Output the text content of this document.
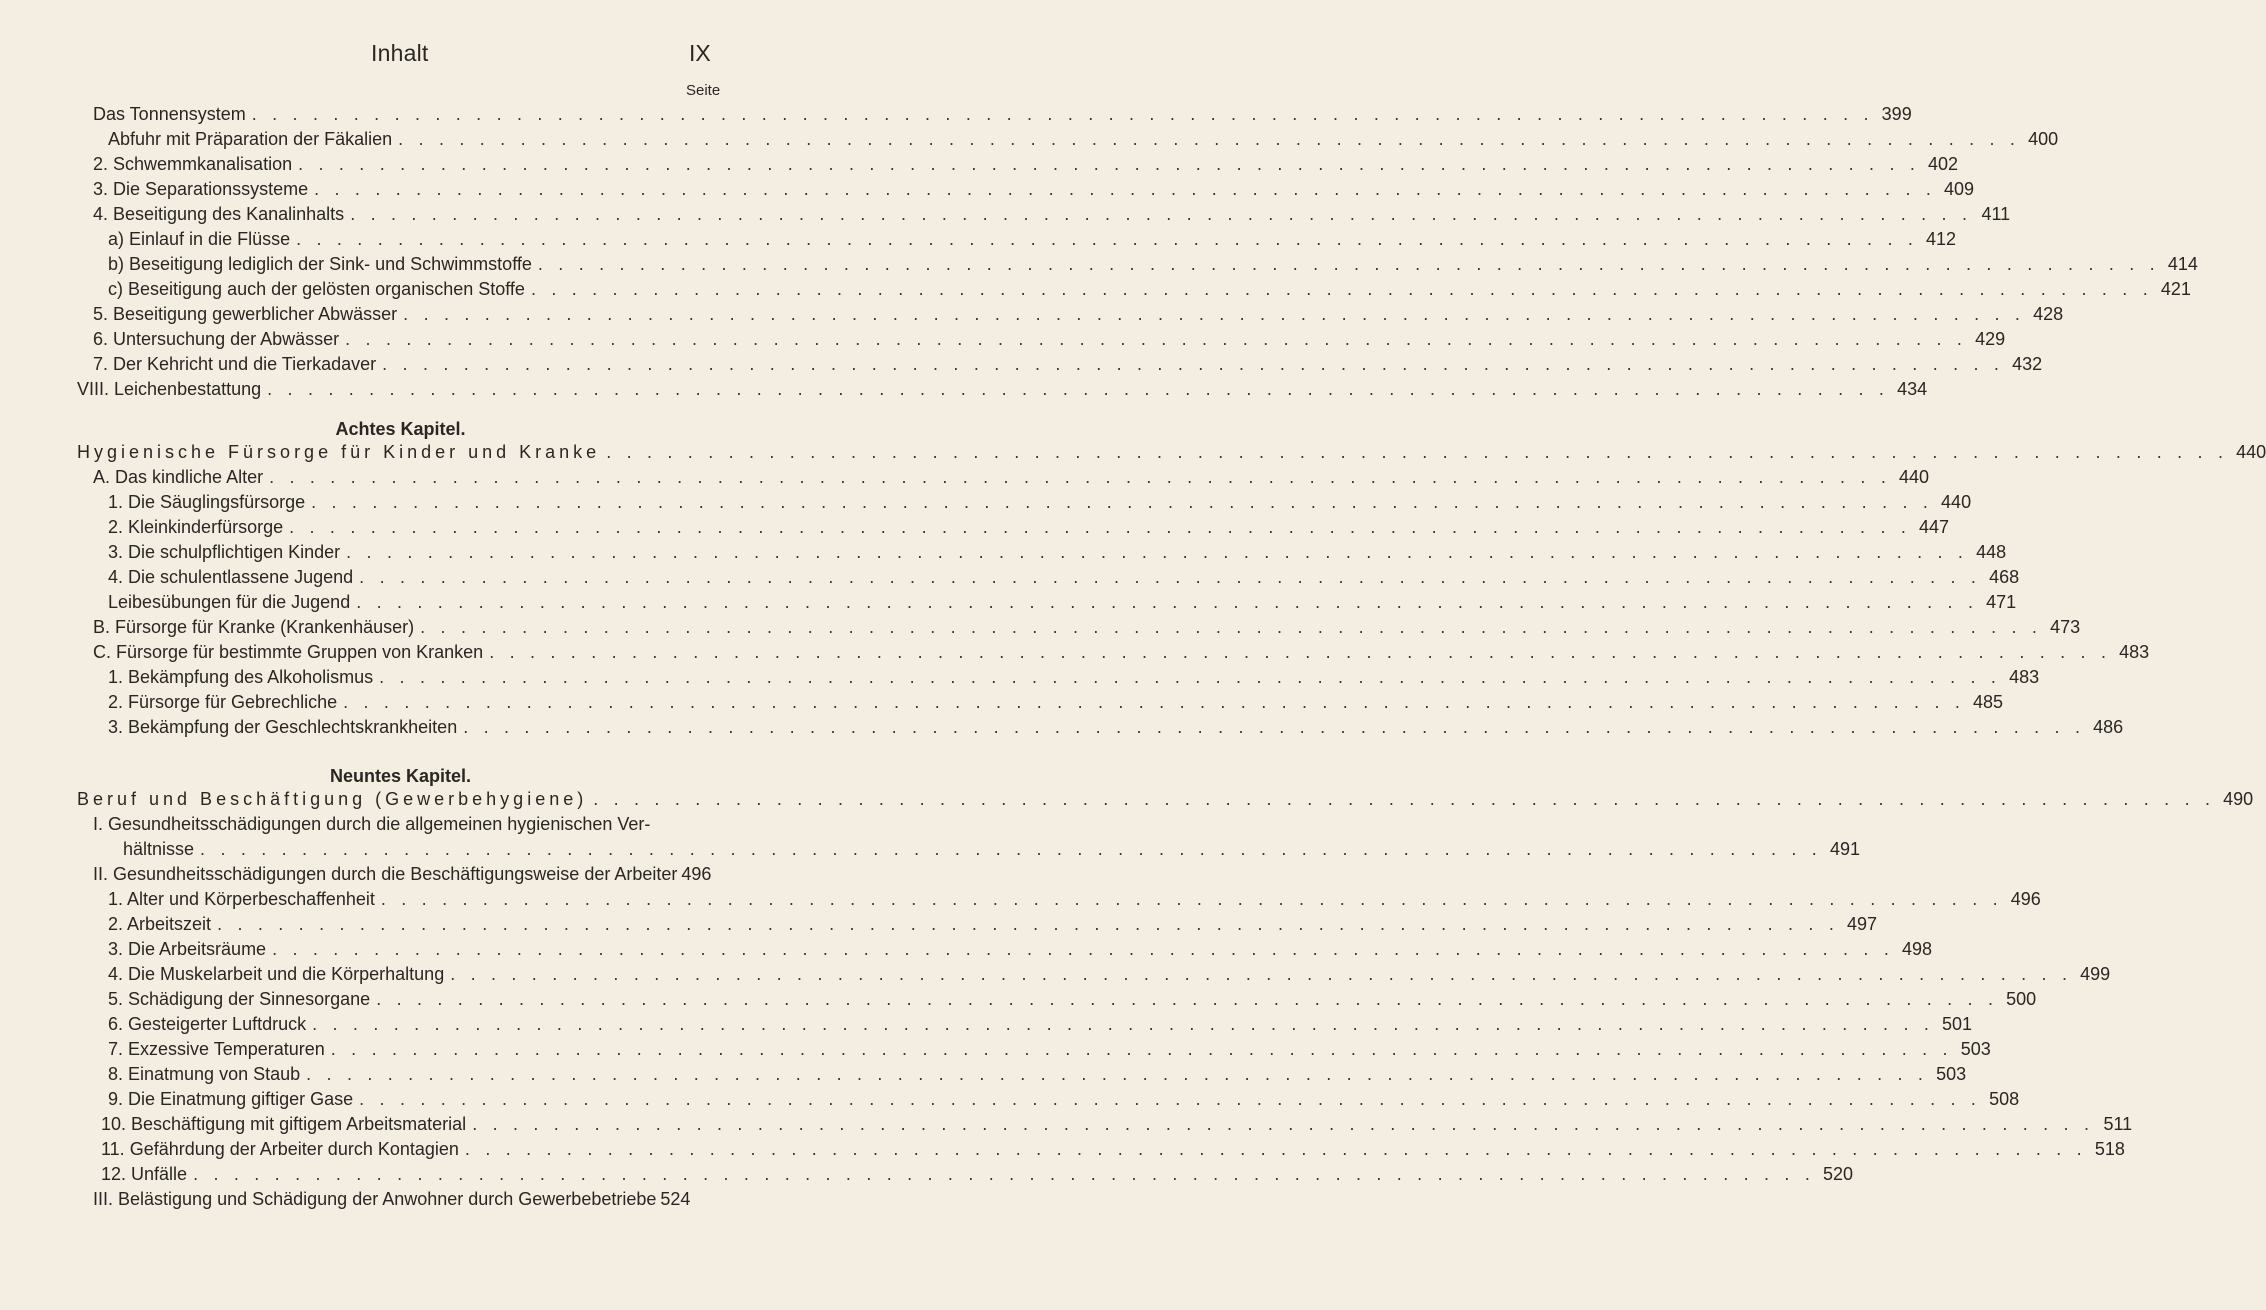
Inhalt	IX
Seite
Das Tonnensystem . . . . . . . . . . . . . . . . . . . . . . . . . . . . . . . . . . . . . . . . . . . . . . . . . . . . . . . . . . . . . . . . . . . . . . . . . . . . . . . . 399
Abfuhr mit Präparation der Fäkalien . . . . . . . . . . . . . . . . . . . . . . . . . . . . . . . . . . . . . . . . . . . . . . . . . . . . . . . . . . . . . . . . . . . . . . . . . . . . . . . . 400
2. Schwemmkanalisation . . . . . . . . . . . . . . . . . . . . . . . . . . . . . . . . . . . . . . . . . . . . . . . . . . . . . . . . . . . . . . . . . . . . . . . . . . . . . . . . 402
3. Die Separationssysteme . . . . . . . . . . . . . . . . . . . . . . . . . . . . . . . . . . . . . . . . . . . . . . . . . . . . . . . . . . . . . . . . . . . . . . . . . . . . . . . . 409
4. Beseitigung des Kanalinhalts . . . . . . . . . . . . . . . . . . . . . . . . . . . . . . . . . . . . . . . . . . . . . . . . . . . . . . . . . . . . . . . . . . . . . . . . . . . . . . . . 411
a) Einlauf in die Flüsse . . . . . . . . . . . . . . . . . . . . . . . . . . . . . . . . . . . . . . . . . . . . . . . . . . . . . . . . . . . . . . . . . . . . . . . . . . . . . . . . 412
b) Beseitigung lediglich der Sink- und Schwimmstoffe . . . . . . . . . . . . . . . . . . . . . . . . . . . . . . . . . . . . . . . . . . . . . . . . . . . . . . . . . . . . . . . . . . . . . . . . . . . . . . . . 414
c) Beseitigung auch der gelösten organischen Stoffe . . . . . . . . . . . . . . . . . . . . . . . . . . . . . . . . . . . . . . . . . . . . . . . . . . . . . . . . . . . . . . . . . . . . . . . . . . . . . . . . 421
5. Beseitigung gewerblicher Abwässer . . . . . . . . . . . . . . . . . . . . . . . . . . . . . . . . . . . . . . . . . . . . . . . . . . . . . . . . . . . . . . . . . . . . . . . . . . . . . . . . 428
6. Untersuchung der Abwässer . . . . . . . . . . . . . . . . . . . . . . . . . . . . . . . . . . . . . . . . . . . . . . . . . . . . . . . . . . . . . . . . . . . . . . . . . . . . . . . . 429
7. Der Kehricht und die Tierkadaver . . . . . . . . . . . . . . . . . . . . . . . . . . . . . . . . . . . . . . . . . . . . . . . . . . . . . . . . . . . . . . . . . . . . . . . . . . . . . . . . 432
VIII. Leichenbestattung . . . . . . . . . . . . . . . . . . . . . . . . . . . . . . . . . . . . . . . . . . . . . . . . . . . . . . . . . . . . . . . . . . . . . . . . . . . . . . . . 434
Achtes Kapitel.
Hygienische Fürsorge für Kinder und Kranke . . . . . . . . . . . . . . . . . . . . . . . . . . . . . . . . . . . . . . . . . . . . . . . . . . . . . . . . . . . . . . . . . . . . . . . . . . . . . . . . 440
A. Das kindliche Alter . . . . . . . . . . . . . . . . . . . . . . . . . . . . . . . . . . . . . . . . . . . . . . . . . . . . . . . . . . . . . . . . . . . . . . . . . . . . . . . . 440
1. Die Säuglingsfürsorge . . . . . . . . . . . . . . . . . . . . . . . . . . . . . . . . . . . . . . . . . . . . . . . . . . . . . . . . . . . . . . . . . . . . . . . . . . . . . . . . 440
2. Kleinkinderfürsorge . . . . . . . . . . . . . . . . . . . . . . . . . . . . . . . . . . . . . . . . . . . . . . . . . . . . . . . . . . . . . . . . . . . . . . . . . . . . . . . . 447
3. Die schulpflichtigen Kinder . . . . . . . . . . . . . . . . . . . . . . . . . . . . . . . . . . . . . . . . . . . . . . . . . . . . . . . . . . . . . . . . . . . . . . . . . . . . . . . . 448
4. Die schulentlassene Jugend . . . . . . . . . . . . . . . . . . . . . . . . . . . . . . . . . . . . . . . . . . . . . . . . . . . . . . . . . . . . . . . . . . . . . . . . . . . . . . . . 468
Leibesübungen für die Jugend . . . . . . . . . . . . . . . . . . . . . . . . . . . . . . . . . . . . . . . . . . . . . . . . . . . . . . . . . . . . . . . . . . . . . . . . . . . . . . . . 471
B. Fürsorge für Kranke (Krankenhäuser) . . . . . . . . . . . . . . . . . . . . . . . . . . . . . . . . . . . . . . . . . . . . . . . . . . . . . . . . . . . . . . . . . . . . . . . . . . . . . . . . 473
C. Fürsorge für bestimmte Gruppen von Kranken . . . . . . . . . . . . . . . . . . . . . . . . . . . . . . . . . . . . . . . . . . . . . . . . . . . . . . . . . . . . . . . . . . . . . . . . . . . . . . . . 483
1. Bekämpfung des Alkoholismus . . . . . . . . . . . . . . . . . . . . . . . . . . . . . . . . . . . . . . . . . . . . . . . . . . . . . . . . . . . . . . . . . . . . . . . . . . . . . . . . 483
2. Fürsorge für Gebrechliche . . . . . . . . . . . . . . . . . . . . . . . . . . . . . . . . . . . . . . . . . . . . . . . . . . . . . . . . . . . . . . . . . . . . . . . . . . . . . . . . 485
3. Bekämpfung der Geschlechtskrankheiten . . . . . . . . . . . . . . . . . . . . . . . . . . . . . . . . . . . . . . . . . . . . . . . . . . . . . . . . . . . . . . . . . . . . . . . . . . . . . . . . 486
Neuntes Kapitel.
Beruf und Beschäftigung (Gewerbehygiene) . . . . . . . . . . . . . . . . . . . . . . . . . . . . . . . . . . . . . . . . . . . . . . . . . . . . . . . . . . . . . . . . . . . . . . . . . . . . . . . . 490
I. Gesundheitsschädigungen durch die allgemeinen hygienischen Ver-
hältnisse . . . . . . . . . . . . . . . . . . . . . . . . . . . . . . . . . . . . . . . . . . . . . . . . . . . . . . . . . . . . . . . . . . . . . . . . . . . . . . . . 491
II. Gesundheitsschädigungen durch die Beschäftigungsweise der Arbeiter 496
1. Alter und Körperbeschaffenheit . . . . . . . . . . . . . . . . . . . . . . . . . . . . . . . . . . . . . . . . . . . . . . . . . . . . . . . . . . . . . . . . . . . . . . . . . . . . . . . . 496
2. Arbeitszeit . . . . . . . . . . . . . . . . . . . . . . . . . . . . . . . . . . . . . . . . . . . . . . . . . . . . . . . . . . . . . . . . . . . . . . . . . . . . . . . . 497
3. Die Arbeitsräume . . . . . . . . . . . . . . . . . . . . . . . . . . . . . . . . . . . . . . . . . . . . . . . . . . . . . . . . . . . . . . . . . . . . . . . . . . . . . . . . 498
4. Die Muskelarbeit und die Körperhaltung . . . . . . . . . . . . . . . . . . . . . . . . . . . . . . . . . . . . . . . . . . . . . . . . . . . . . . . . . . . . . . . . . . . . . . . . . . . . . . . . 499
5. Schädigung der Sinnesorgane . . . . . . . . . . . . . . . . . . . . . . . . . . . . . . . . . . . . . . . . . . . . . . . . . . . . . . . . . . . . . . . . . . . . . . . . . . . . . . . . 500
6. Gesteigerter Luftdruck . . . . . . . . . . . . . . . . . . . . . . . . . . . . . . . . . . . . . . . . . . . . . . . . . . . . . . . . . . . . . . . . . . . . . . . . . . . . . . . . 501
7. Exzessive Temperaturen . . . . . . . . . . . . . . . . . . . . . . . . . . . . . . . . . . . . . . . . . . . . . . . . . . . . . . . . . . . . . . . . . . . . . . . . . . . . . . . . 503
8. Einatmung von Staub . . . . . . . . . . . . . . . . . . . . . . . . . . . . . . . . . . . . . . . . . . . . . . . . . . . . . . . . . . . . . . . . . . . . . . . . . . . . . . . . 503
9. Die Einatmung giftiger Gase . . . . . . . . . . . . . . . . . . . . . . . . . . . . . . . . . . . . . . . . . . . . . . . . . . . . . . . . . . . . . . . . . . . . . . . . . . . . . . . . 508
10. Beschäftigung mit giftigem Arbeitsmaterial . . . . . . . . . . . . . . . . . . . . . . . . . . . . . . . . . . . . . . . . . . . . . . . . . . . . . . . . . . . . . . . . . . . . . . . . . . . . . . . . 511
11. Gefährdung der Arbeiter durch Kontagien . . . . . . . . . . . . . . . . . . . . . . . . . . . . . . . . . . . . . . . . . . . . . . . . . . . . . . . . . . . . . . . . . . . . . . . . . . . . . . . . 518
12. Unfälle . . . . . . . . . . . . . . . . . . . . . . . . . . . . . . . . . . . . . . . . . . . . . . . . . . . . . . . . . . . . . . . . . . . . . . . . . . . . . . . . 520
III. Belästigung und Schädigung der Anwohner durch Gewerbebetriebe 524
